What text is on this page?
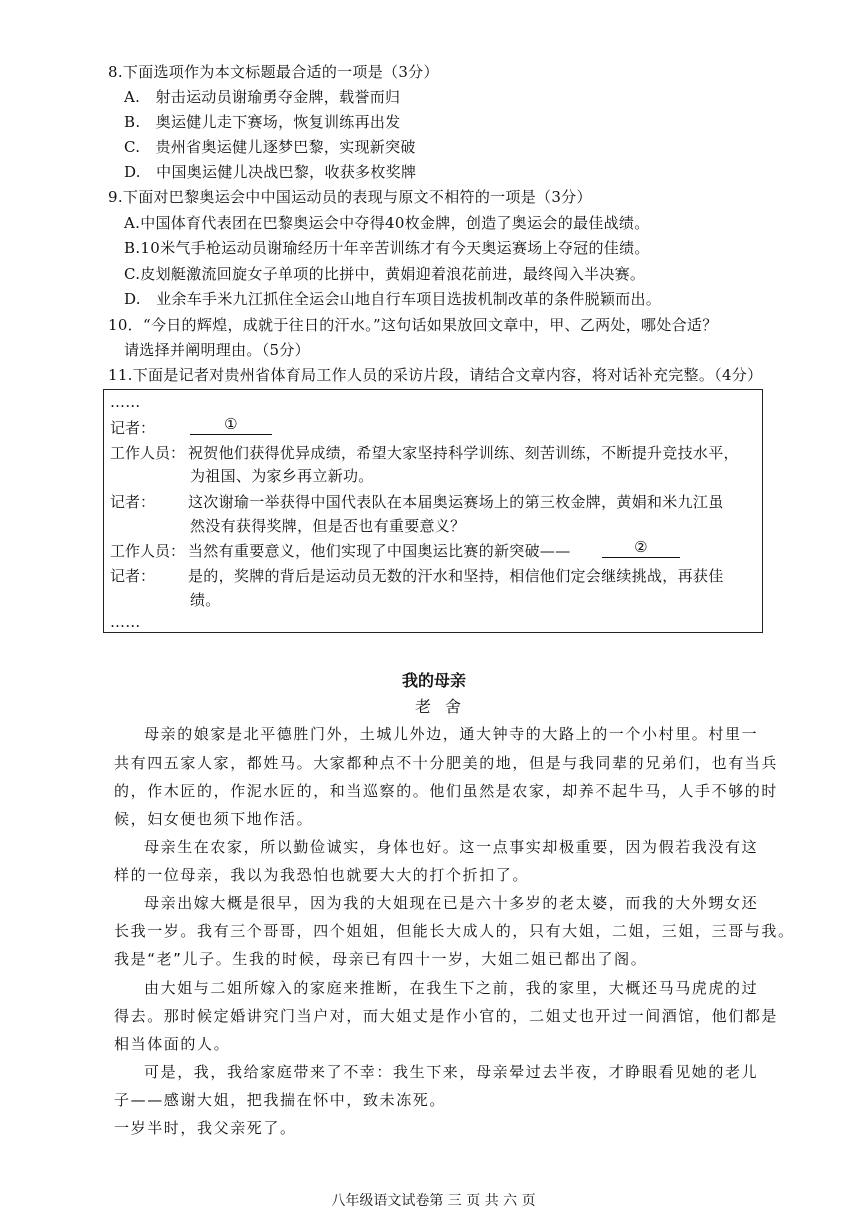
8.下面选项作为本文标题最合适的一项是（3分）
A.　射击运动员谢瑜勇夺金牌，载誉而归
B.　奥运健儿走下赛场，恢复训练再出发
C.　贵州省奥运健儿逐梦巴黎，实现新突破
D.　中国奥运健儿决战巴黎，收获多枚奖牌
9.下面对巴黎奥运会中中国运动员的表现与原文不相符的一项是（3分）
A.中国体育代表团在巴黎奥运会中夺得40枚金牌，创造了奥运会的最佳战绩。
B.10米气手枪运动员谢瑜经历十年辛苦训练才有今天奥运赛场上夺冠的佳绩。
C.皮划艇激流回旋女子单项的比拼中，黄娟迎着浪花前进，最终闯入半决赛。
D.　业余车手米九江抓住全运会山地自行车项目选拔机制改革的条件脱颖而出。
10．“今日的辉煌，成就于往日的汗水。”这句话如果放回文章中，甲、乙两处，哪处合适？
请选择并阐明理由。（5分）
11.下面是记者对贵州省体育局工作人员的采访片段，请结合文章内容，将对话补充完整。（4分）
……
记者：	①
工作人员： 祝贺他们获得优异成绩，希望大家坚持科学训练、刻苦训练，不断提升竞技水平，
为祖国、为家乡再立新功。
记者： 这次谢瑜一举获得中国代表队在本届奥运赛场上的第三枚金牌，黄娟和米九江虽
然没有获得奖牌，但是否也有重要意义？
工作人员： 当然有重要意义，他们实现了中国奥运比赛的新突破——	②
记者： 是的，奖牌的背后是运动员无数的汗水和坚持，相信他们定会继续挑战，再获佳
绩。
……
我的母亲
老舍
母亲的娘家是北平德胜门外，土城儿外边，通大钟寺的大路上的一个小村里。村里一
共有四五家人家，都姓马。大家都种点不十分肥美的地，但是与我同辈的兄弟们，也有当兵
的，作木匠的，作泥水匠的，和当巡察的。他们虽然是农家，却养不起牛马，人手不够的时
候，妇女便也须下地作活。
母亲生在农家，所以勤俭诚实，身体也好。这一点事实却极重要，因为假若我没有这
样的一位母亲，我以为我恐怕也就要大大的打个折扣了。
母亲出嫁大概是很早，因为我的大姐现在已是六十多岁的老太婆，而我的大外甥女还
长我一岁。我有三个哥哥，四个姐姐，但能长大成人的，只有大姐，二姐，三姐，三哥与我。
我是“老”儿子。生我的时候，母亲已有四十一岁，大姐二姐已都出了阁。
由大姐与二姐所嫁入的家庭来推断，在我生下之前，我的家里，大概还马马虎虎的过
得去。那时候定婚讲究门当户对，而大姐丈是作小官的，二姐丈也开过一间酒馆，他们都是
相当体面的人。
可是，我，我给家庭带来了不幸：我生下来，母亲晕过去半夜，才睁眼看见她的老儿
子——感谢大姐，把我揣在怀中，致未冻死。
一岁半时，我父亲死了。
八年级语文试卷第 三 页 共 六 页
